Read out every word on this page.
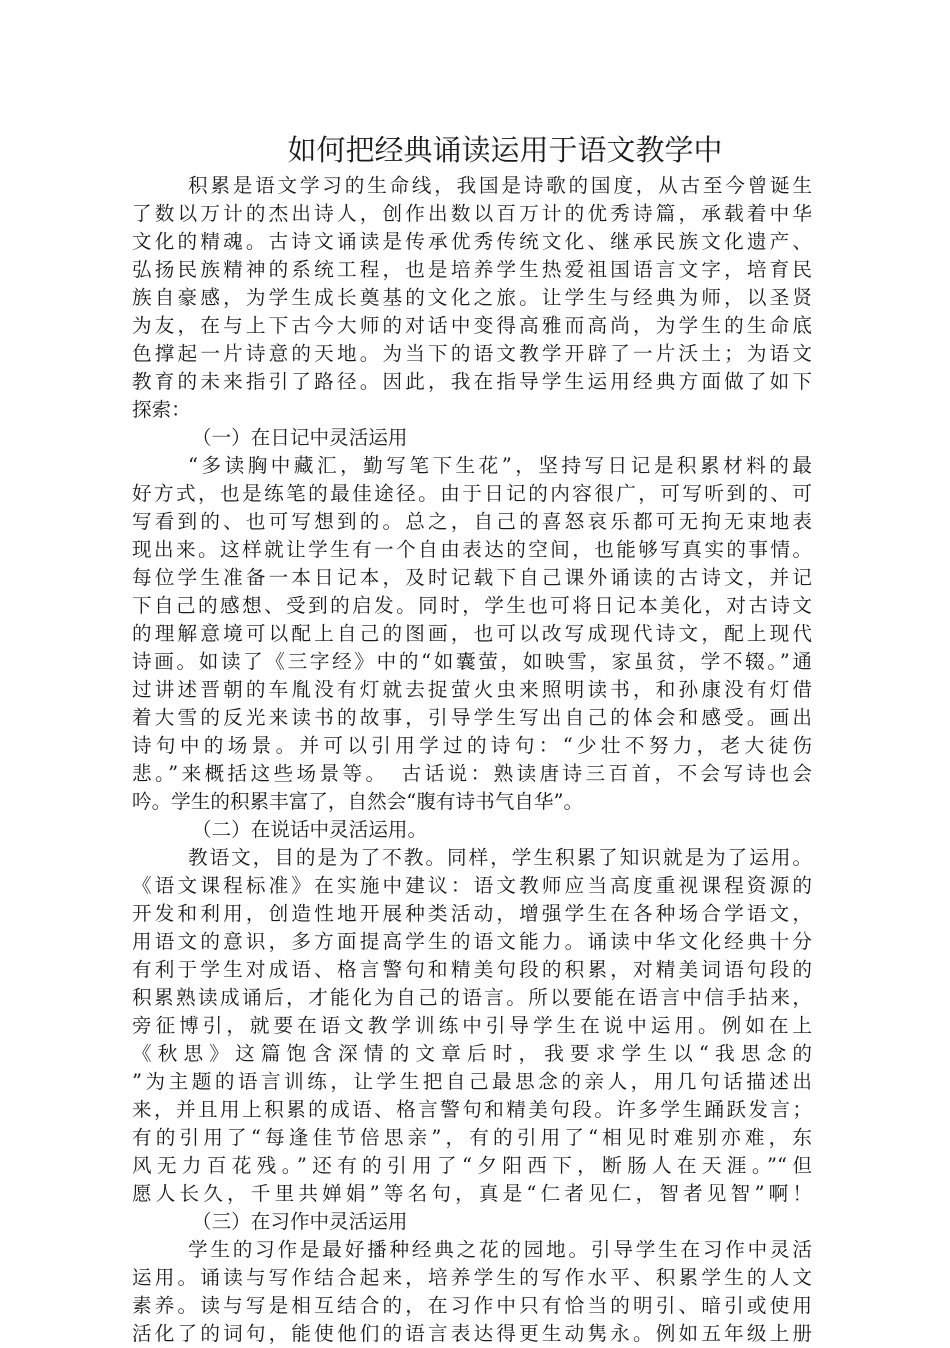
如何把经典诵读运用于语文教学中
积累是语文学习的生命线，我国是诗歌的国度，从古至今曾诞生
了数以万计的杰出诗人，创作出数以百万计的优秀诗篇，承载着中华
文化的精魂。古诗文诵读是传承优秀传统文化、继承民族文化遗产、
弘扬民族精神的系统工程，也是培养学生热爱祖国语言文字，培育民
族自豪感，为学生成长奠基的文化之旅。让学生与经典为师，以圣贤
为友，在与上下古今大师的对话中变得高雅而高尚，为学生的生命底
色撑起一片诗意的天地。为当下的语文教学开辟了一片沃土；为语文
教育的未来指引了路径。因此，我在指导学生运用经典方面做了如下
探索：
（一）在日记中灵活运用
“多读胸中藏汇，勤写笔下生花”，坚持写日记是积累材料的最
好方式，也是练笔的最佳途径。由于日记的内容很广，可写听到的、可
写看到的、也可写想到的。总之，自己的喜怒哀乐都可无拘无束地表
现出来。这样就让学生有一个自由表达的空间，也能够写真实的事情。
每位学生准备一本日记本，及时记载下自己课外诵读的古诗文，并记
下自己的感想、受到的启发。同时，学生也可将日记本美化，对古诗文
的理解意境可以配上自己的图画，也可以改写成现代诗文，配上现代
诗画。如读了《三字经》中的“如囊萤，如映雪，家虽贫，学不辍。”通
过讲述晋朝的车胤没有灯就去捉萤火虫来照明读书，和孙康没有灯借
着大雪的反光来读书的故事，引导学生写出自己的体会和感受。画出
诗句中的场景。并可以引用学过的诗句：“少壮不努力，老大徒伤
悲。”来概括这些场景等。　古话说：熟读唐诗三百首，不会写诗也会
吟。学生的积累丰富了，自然会“腹有诗书气自华”。
（二）在说话中灵活运用。
教语文，目的是为了不教。同样，学生积累了知识就是为了运用。
《语文课程标准》在实施中建议：语文教师应当高度重视课程资源的
开发和利用，创造性地开展种类活动，增强学生在各种场合学语文，
用语文的意识，多方面提高学生的语文能力。诵读中华文化经典十分
有利于学生对成语、格言警句和精美句段的积累，对精美词语句段的
积累熟读成诵后，才能化为自己的语言。所以要能在语言中信手拈来，
旁征博引，就要在语文教学训练中引导学生在说中运用。例如在上
《秋思》这篇饱含深情的文章后时，我要求学生以“我思念的
”为主题的语言训练，让学生把自己最思念的亲人，用几句话描述出
来，并且用上积累的成语、格言警句和精美句段。许多学生踊跃发言；
有的引用了“每逢佳节倍思亲”，有的引用了“相见时难别亦难，东
风无力百花残。”还有的引用了“夕阳西下，断肠人在天涯。”“但
愿人长久，千里共婵娟”等名句，真是“仁者见仁，智者见智”啊！
（三）在习作中灵活运用
学生的习作是最好播种经典之花的园地。引导学生在习作中灵活
运用。诵读与写作结合起来，培养学生的写作水平、积累学生的人文
素养。读与写是相互结合的，在习作中只有恰当的明引、暗引或使用
活化了的词句，能使他们的语言表达得更生动隽永。例如五年级上册
